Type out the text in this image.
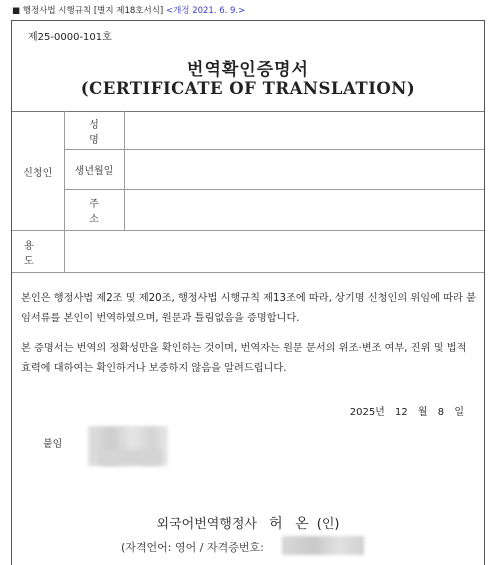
■ 행정사법 시행규칙 [별지 제18호서식] <개정 2021. 6. 9.>
제25-0000-101호
번역확인증명서
(CERTIFICATE OF TRANSLATION)
신청인	성 명	
	생년월일	
	주 소	
용 도		

본인은 행정사법 제2조 및 제20조, 행정사법 시행규칙 제13조에 따라, 상기명 신청인의 위임에 따라 붙임서류를 본인이 번역하였으며, 원문과 틀림없음을 증명합니다.

본 증명서는 번역의 정확성만을 확인하는 것이며, 번역자는 원문 문서의 위조·변조 여부, 진위 및 법적 효력에 대하여는 확인하거나 보증하지 않음을 알려드립니다.

2025년 12 월 8 일
붙임
외국어번역행정사 허 온 (인)
(자격언어: 영어 / 자격증번호:
